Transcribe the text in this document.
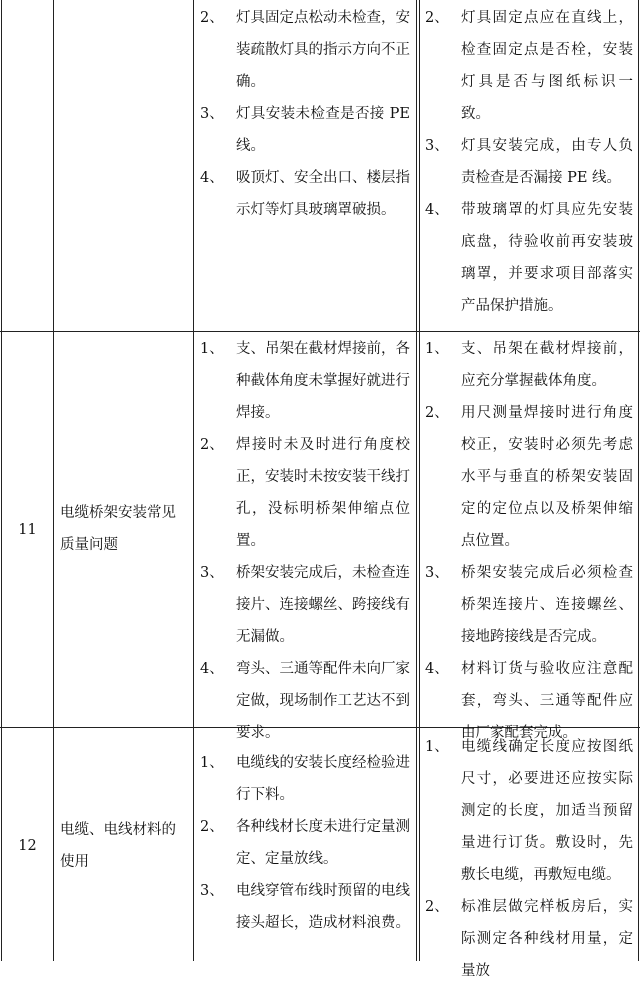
2、 灯具固定点松动未检查，安装疏散灯具的指示方向不正确。
3、 灯具安装未检查是否接 PE 线。
4、 吸顶灯、安全出口、楼层指示灯等灯具玻璃罩破损。
2、 灯具固定点应在直线上，检查固定点是否栓，安装灯具是否与图纸标识一致。
3、 灯具安装完成，由专人负责检查是否漏接 PE 线。
4、 带玻璃罩的灯具应先安装底盘，待验收前再安装玻璃罩，并要求项目部落实产品保护措施。
11
电缆桥架安装常见质量问题
1、 支、吊架在截材焊接前，各种截体角度未掌握好就进行焊接。
2、 焊接时未及时进行角度校正，安装时未按安装干线打孔，没标明桥架伸缩点位置。
3、 桥架安装完成后，未检查连接片、连接螺丝、跨接线有无漏做。
4、 弯头、三通等配件未向厂家定做，现场制作工艺达不到要求。
1、 支、吊架在截材焊接前，应充分掌握截体角度。
2、 用尺测量焊接时进行角度校正，安装时必须先考虑水平与垂直的桥架安装固定的定位点以及桥架伸缩点位置。
3、 桥架安装完成后必须检查桥架连接片、连接螺丝、接地跨接线是否完成。
4、 材料订货与验收应注意配套，弯头、三通等配件应由厂家配套完成。
12
电缆、电线材料的使用
1、 电缆线的安装长度经检验进行下料。
2、 各种线材长度未进行定量测定、定量放线。
3、 电线穿管布线时预留的电线接头超长，造成材料浪费。
1、 电缆线确定长度应按图纸尺寸，必要进还应按实际测定的长度，加适当预留量进行订货。敷设时，先敷长电缆，再敷短电缆。
2、 标准层做完样板房后，实际测定各种线材用量，定量放
